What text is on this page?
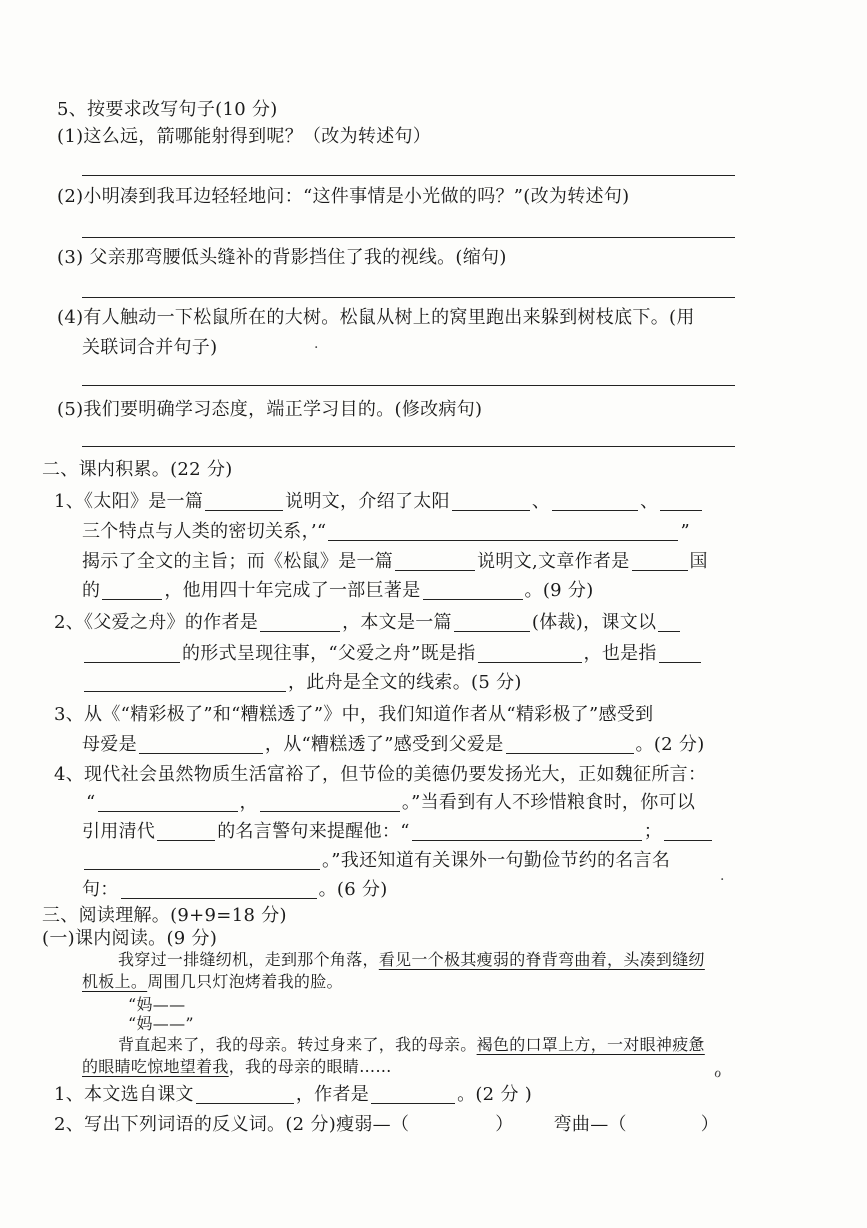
5、按要求改写句子(10 分)
(1)这么远，箭哪能射得到呢？（改为转述句）
(2)小明凑到我耳边轻轻地问：“这件事情是小光做的吗？”(改为转述句)
(3) 父亲那弯腰低头缝补的背影挡住了我的视线。(缩句)
(4)有人触动一下松鼠所在的大树。松鼠从树上的窝里跑出来躲到树枝底下。(用
关联词合并句子)	·
(5)我们要明确学习态度，端正学习目的。(修改病句)
二、课内积累。(22 分)
1、《太阳》是一篇	说明文，介绍了太阳	、	、
三个特点与人类的密切关系，’“	”
揭示了全文的主旨；而《松鼠》是一篇	说明文,文章作者是	国
的	，他用四十年完成了一部巨著是	。(9 分)
2、《父爱之舟》的作者是	，本文是一篇	(体裁)，课文以
的形式呈现往事，“父爱之舟”既是指	，也是指
，此舟是全文的线索。(5 分)
3、从《“精彩极了”和“糟糕透了”》中，我们知道作者从“精彩极了”感受到
母爱是	，从“糟糕透了”感受到父爱是	。(2 分)
4、现代社会虽然物质生活富裕了，但节俭的美德仍要发扬光大，正如魏征所言：
“	，	。”当看到有人不珍惜粮食时，你可以
引用清代	的名言警句来提醒他：“	；
。”我还知道有关课外一句勤俭节约的名言名
句：	。(6 分)	·
三、阅读理解。(9+9=18 分)
(一)课内阅读。(9 分)
我穿过一排缝纫机，走到那个角落，看见一个极其瘦弱的脊背弯曲着，头凑到缝纫
机板上。周围几只灯泡烤着我的脸。
“妈——
“妈——”
背直起来了，我的母亲。转过身来了，我的母亲。褐色的口罩上方，一对眼神疲惫
的眼睛吃惊地望着我，我的母亲的眼睛……	ℴ
1、本文选自课文	，作者是	。(2 分 )
2、写出下列词语的反义词。(2 分)瘦弱—（	） 弯曲—（	）
